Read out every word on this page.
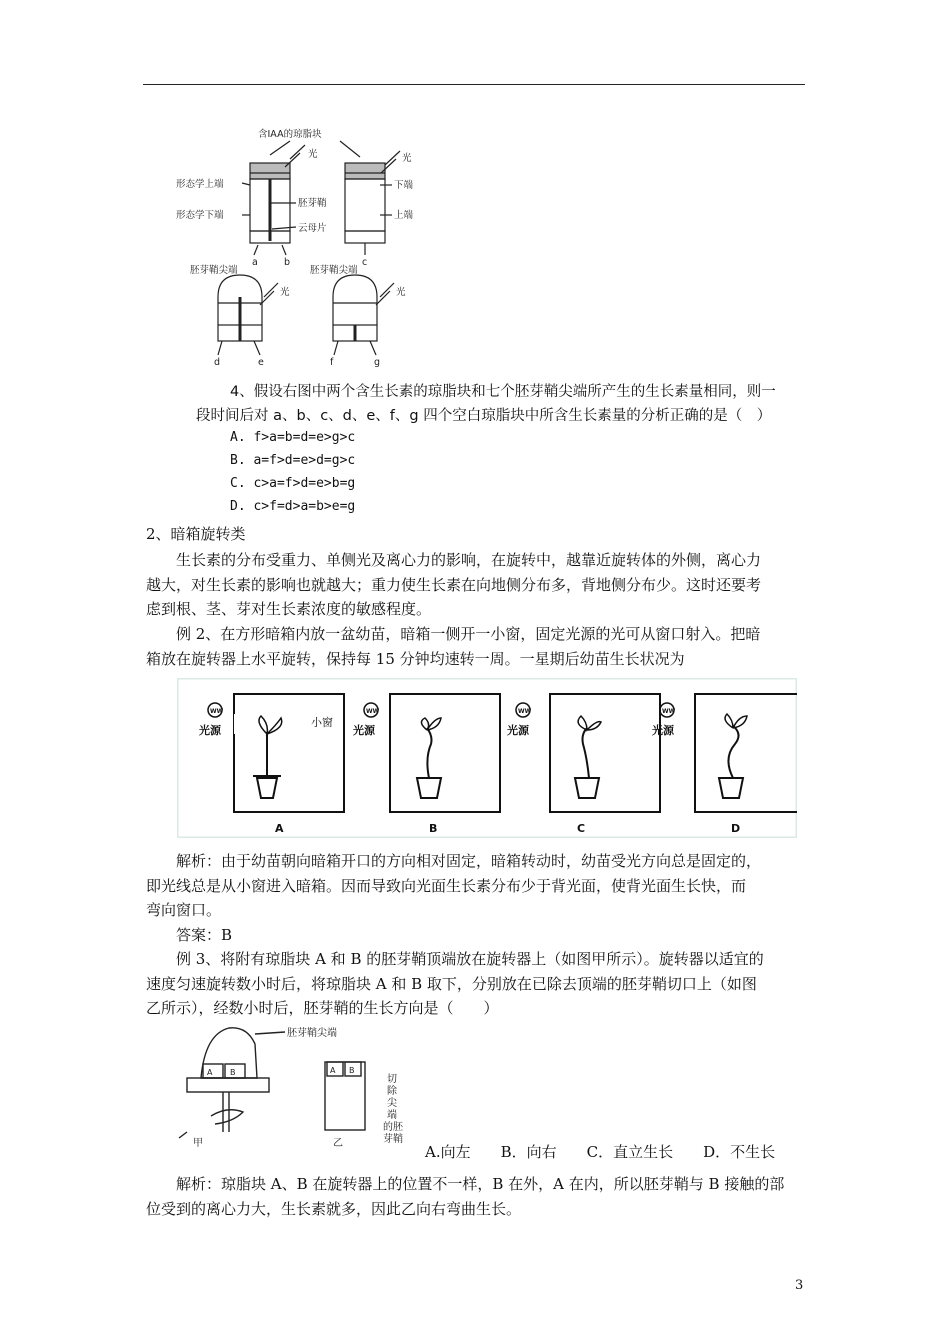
含IAA的琼脂块
光
形态学上端
形态学下端
胚芽鞘
云母片
a	b
光
下端
上端
c
胚芽鞘尖端
光
d	e
胚芽鞘尖端
光
f	g
4、假设右图中两个含生长素的琼脂块和七个胚芽鞘尖端所产生的生长素量相同，则一
段时间后对 a、b、c、d、e、f、g 四个空白琼脂块中所含生长素量的分析正确的是（　）
A. f>a=b=d=e>g>c
B. a=f>d=e>d=g>c
C. c>a=f>d=e>b=g
D. c>f=d>a=b>e=g
2、暗箱旋转类
生长素的分布受重力、单侧光及离心力的影响，在旋转中，越靠近旋转体的外侧，离心力
越大，对生长素的影响也就越大；重力使生长素在向地侧分布多，背地侧分布少。这时还要考
虑到根、茎、芽对生长素浓度的敏感程度。
例 2、在方形暗箱内放一盆幼苗，暗箱一侧开一小窗，固定光源的光可从窗口射入。把暗
箱放在旋转器上水平旋转，保持每 15 分钟均速转一周。一星期后幼苗生长状况为
WW
光源
小窗
WW
光源
WW
光源
WW
光源
A	B	C	D
解析：由于幼苗朝向暗箱开口的方向相对固定，暗箱转动时，幼苗受光方向总是固定的，
即光线总是从小窗进入暗箱。因而导致向光面生长素分布少于背光面，使背光面生长快，而
弯向窗口。
答案：B
例 3、将附有琼脂块 A 和 B 的胚芽鞘顶端放在旋转器上（如图甲所示）。旋转器以适宜的
速度匀速旋转数小时后，将琼脂块 A 和 B 取下，分别放在已除去顶端的胚芽鞘切口上（如图
乙所示），经数小时后，胚芽鞘的生长方向是（　　）
胚芽鞘尖端
A B
甲
A B
乙
切
除
尖
端
的胚
芽鞘
A.向左　　B．向右　　C．直立生长　　D．不生长
解析：琼脂块 A、B 在旋转器上的位置不一样，B 在外，A 在内，所以胚芽鞘与 B 接触的部
位受到的离心力大，生长素就多，因此乙向右弯曲生长。
3
